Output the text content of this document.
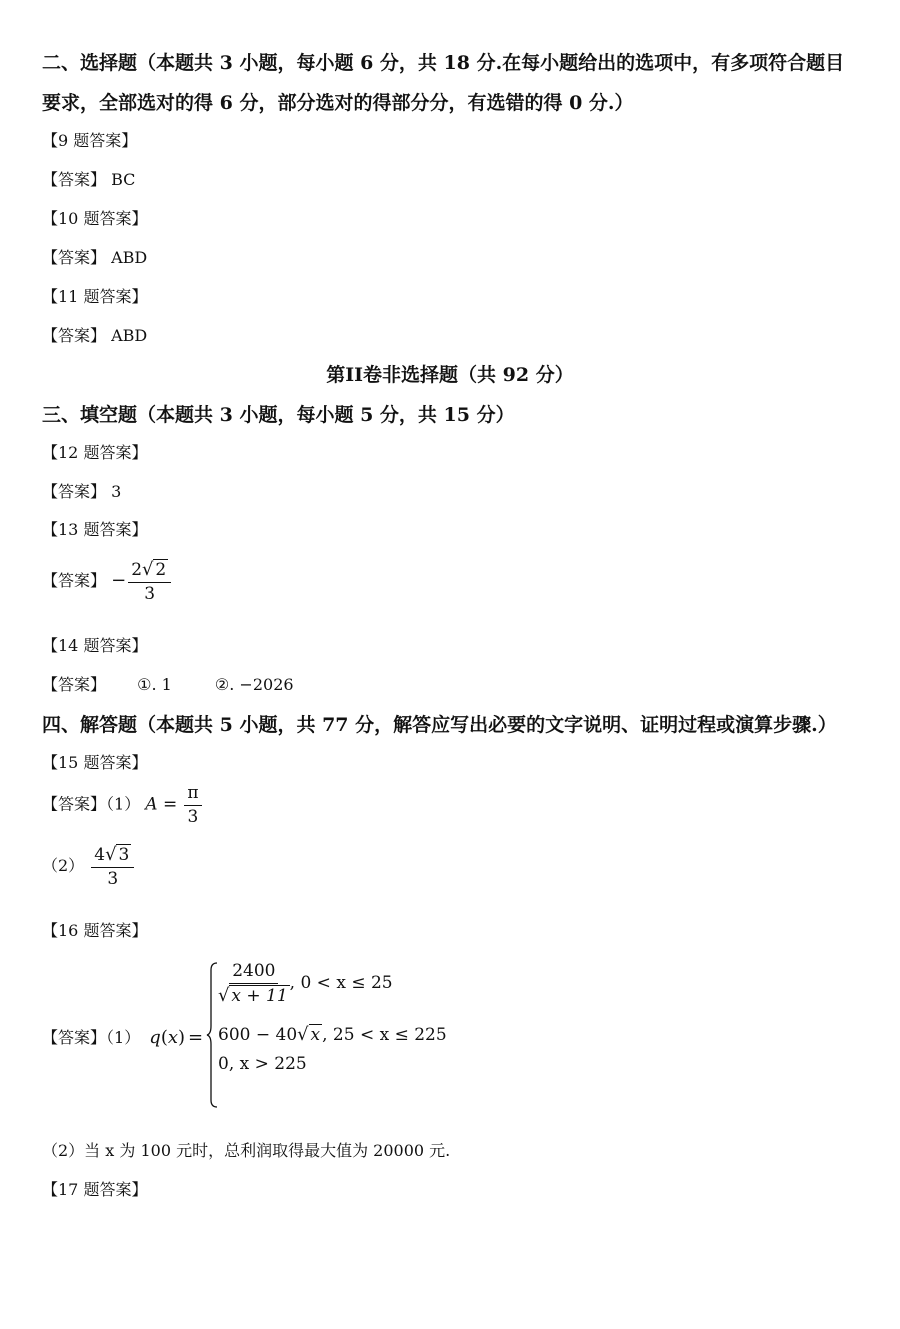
二、选择题（本题共 3 小题，每小题 6 分，共 18 分.在每小题给出的选项中，有多项符合题目
要求，全部选对的得 6 分，部分选对的得部分分，有选错的得 0 分.）
【9 题答案】
【答案】 BC
【10 题答案】
【答案】 ABD
【11 题答案】
【答案】 ABD
第II卷非选择题（共 92 分）
三、填空题（本题共 3 小题，每小题 5 分，共 15 分）
【12 题答案】
【答案】 3
【13 题答案】
【答案】 − $\frac{2√ 2}{3}$
【14 题答案】
【答案】 ①. 1	②. −2026
四、解答题（本题共 5 小题，共 77 分，解答应写出必要的文字说明、证明过程或演算步骤.）
【15 题答案】
【答案】（1） $A = \frac{\pi}{3}$
$(2) \frac{4√ 3}{3}$
【16 题答案】
【答案】（1） q(x) =
$\frac{2400}{√ x + 11}$ , 0 < x ≤ 25
600 − 40√ x , 25 < x ≤ 225
0, x > 225
（2）当 x 为 100 元时，总利润取得最大值为 20000 元.
【17 题答案】
